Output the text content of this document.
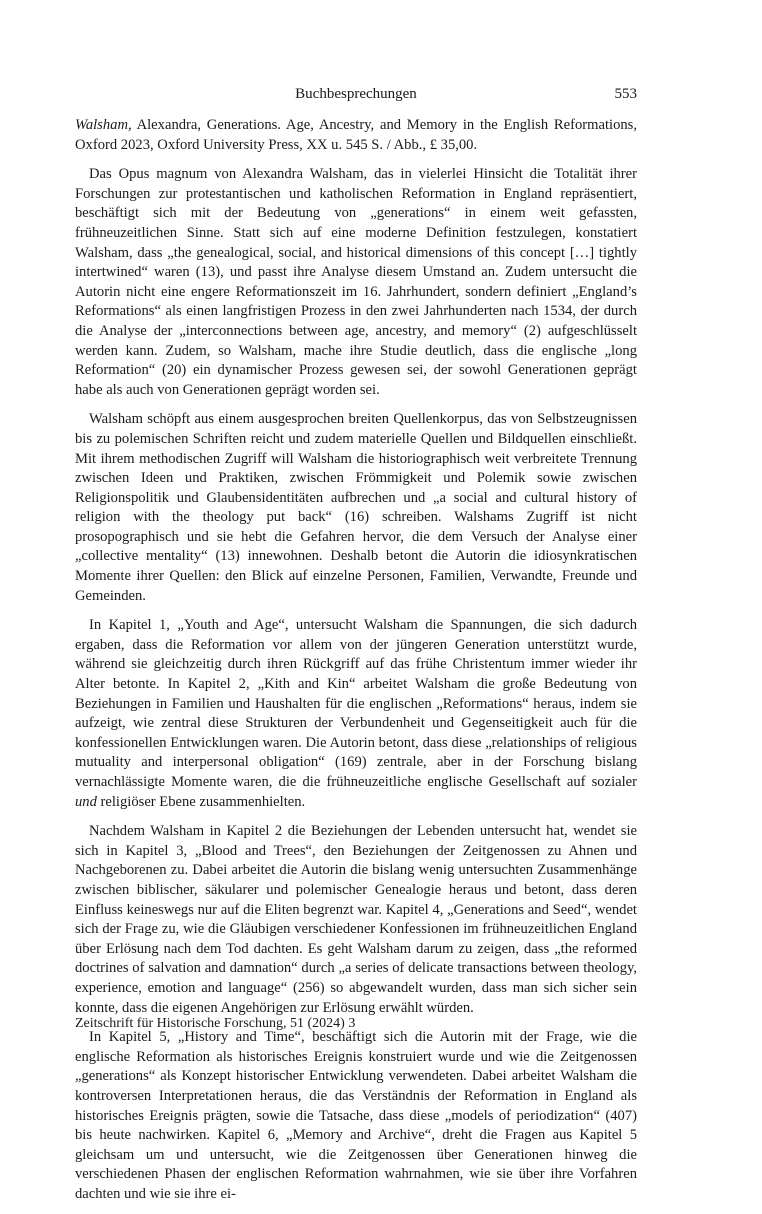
Buchbesprechungen	553

Walsham, Alexandra, Generations. Age, Ancestry, and Memory in the English Reformations, Oxford 2023, Oxford University Press, XX u. 545 S. / Abb., £ 35,00.

Das Opus magnum von Alexandra Walsham, das in vielerlei Hinsicht die Totalität ihrer Forschungen zur protestantischen und katholischen Reformation in England repräsentiert, beschäftigt sich mit der Bedeutung von „generations“ in einem weit gefassten, frühneuzeitlichen Sinne. Statt sich auf eine moderne Definition festzulegen, konstatiert Walsham, dass „the genealogical, social, and historical dimensions of this concept […] tightly intertwined“ waren (13), und passt ihre Analyse diesem Umstand an. Zudem untersucht die Autorin nicht eine engere Reformationszeit im 16. Jahrhundert, sondern definiert „England’s Reformations“ als einen langfristigen Prozess in den zwei Jahrhunderten nach 1534, der durch die Analyse der „interconnections between age, ancestry, and memory“ (2) aufgeschlüsselt werden kann. Zudem, so Walsham, mache ihre Studie deutlich, dass die englische „long Reformation“ (20) ein dynamischer Prozess gewesen sei, der sowohl Generationen geprägt habe als auch von Generationen geprägt worden sei.

Walsham schöpft aus einem ausgesprochen breiten Quellenkorpus, das von Selbstzeugnissen bis zu polemischen Schriften reicht und zudem materielle Quellen und Bildquellen einschließt. Mit ihrem methodischen Zugriff will Walsham die historiographisch weit verbreitete Trennung zwischen Ideen und Praktiken, zwischen Frömmigkeit und Polemik sowie zwischen Religionspolitik und Glaubensidentitäten aufbrechen und „a social and cultural history of religion with the theology put back“ (16) schreiben. Walshams Zugriff ist nicht prosopographisch und sie hebt die Gefahren hervor, die dem Versuch der Analyse einer „collective mentality“ (13) innewohnen. Deshalb betont die Autorin die idiosynkratischen Momente ihrer Quellen: den Blick auf einzelne Personen, Familien, Verwandte, Freunde und Gemeinden.

In Kapitel 1, „Youth and Age“, untersucht Walsham die Spannungen, die sich dadurch ergaben, dass die Reformation vor allem von der jüngeren Generation unterstützt wurde, während sie gleichzeitig durch ihren Rückgriff auf das frühe Christentum immer wieder ihr Alter betonte. In Kapitel 2, „Kith and Kin“ arbeitet Walsham die große Bedeutung von Beziehungen in Familien und Haushalten für die englischen „Reformations“ heraus, indem sie aufzeigt, wie zentral diese Strukturen der Verbundenheit und Gegenseitigkeit auch für die konfessionellen Entwicklungen waren. Die Autorin betont, dass diese „relationships of religious mutuality and interpersonal obligation“ (169) zentrale, aber in der Forschung bislang vernachlässigte Momente waren, die die frühneuzeitliche englische Gesellschaft auf sozialer und religiöser Ebene zusammenhielten.

Nachdem Walsham in Kapitel 2 die Beziehungen der Lebenden untersucht hat, wendet sie sich in Kapitel 3, „Blood and Trees“, den Beziehungen der Zeitgenossen zu Ahnen und Nachgeborenen zu. Dabei arbeitet die Autorin die bislang wenig untersuchten Zusammenhänge zwischen biblischer, säkularer und polemischer Genealogie heraus und betont, dass deren Einfluss keineswegs nur auf die Eliten begrenzt war. Kapitel 4, „Generations and Seed“, wendet sich der Frage zu, wie die Gläubigen verschiedener Konfessionen im frühneuzeitlichen England über Erlösung nach dem Tod dachten. Es geht Walsham darum zu zeigen, dass „the reformed doctrines of salvation and damnation“ durch „a series of delicate transactions between theology, experience, emotion and language“ (256) so abgewandelt wurden, dass man sich sicher sein konnte, dass die eigenen Angehörigen zur Erlösung erwählt würden.

In Kapitel 5, „History and Time“, beschäftigt sich die Autorin mit der Frage, wie die englische Reformation als historisches Ereignis konstruiert wurde und wie die Zeitgenossen „generations“ als Konzept historischer Entwicklung verwendeten. Dabei arbeitet Walsham die kontroversen Interpretationen heraus, die das Verständnis der Reformation in England als historisches Ereignis prägten, sowie die Tatsache, dass diese „models of periodization“ (407) bis heute nachwirken. Kapitel 6, „Memory and Archive“, dreht die Fragen aus Kapitel 5 gleichsam um und untersucht, wie die Zeitgenossen über Generationen hinweg die verschiedenen Phasen der englischen Reformation wahrnahmen, wie sie über ihre Vorfahren dachten und wie sie ihre ei-

Zeitschrift für Historische Forschung, 51 (2024) 3
